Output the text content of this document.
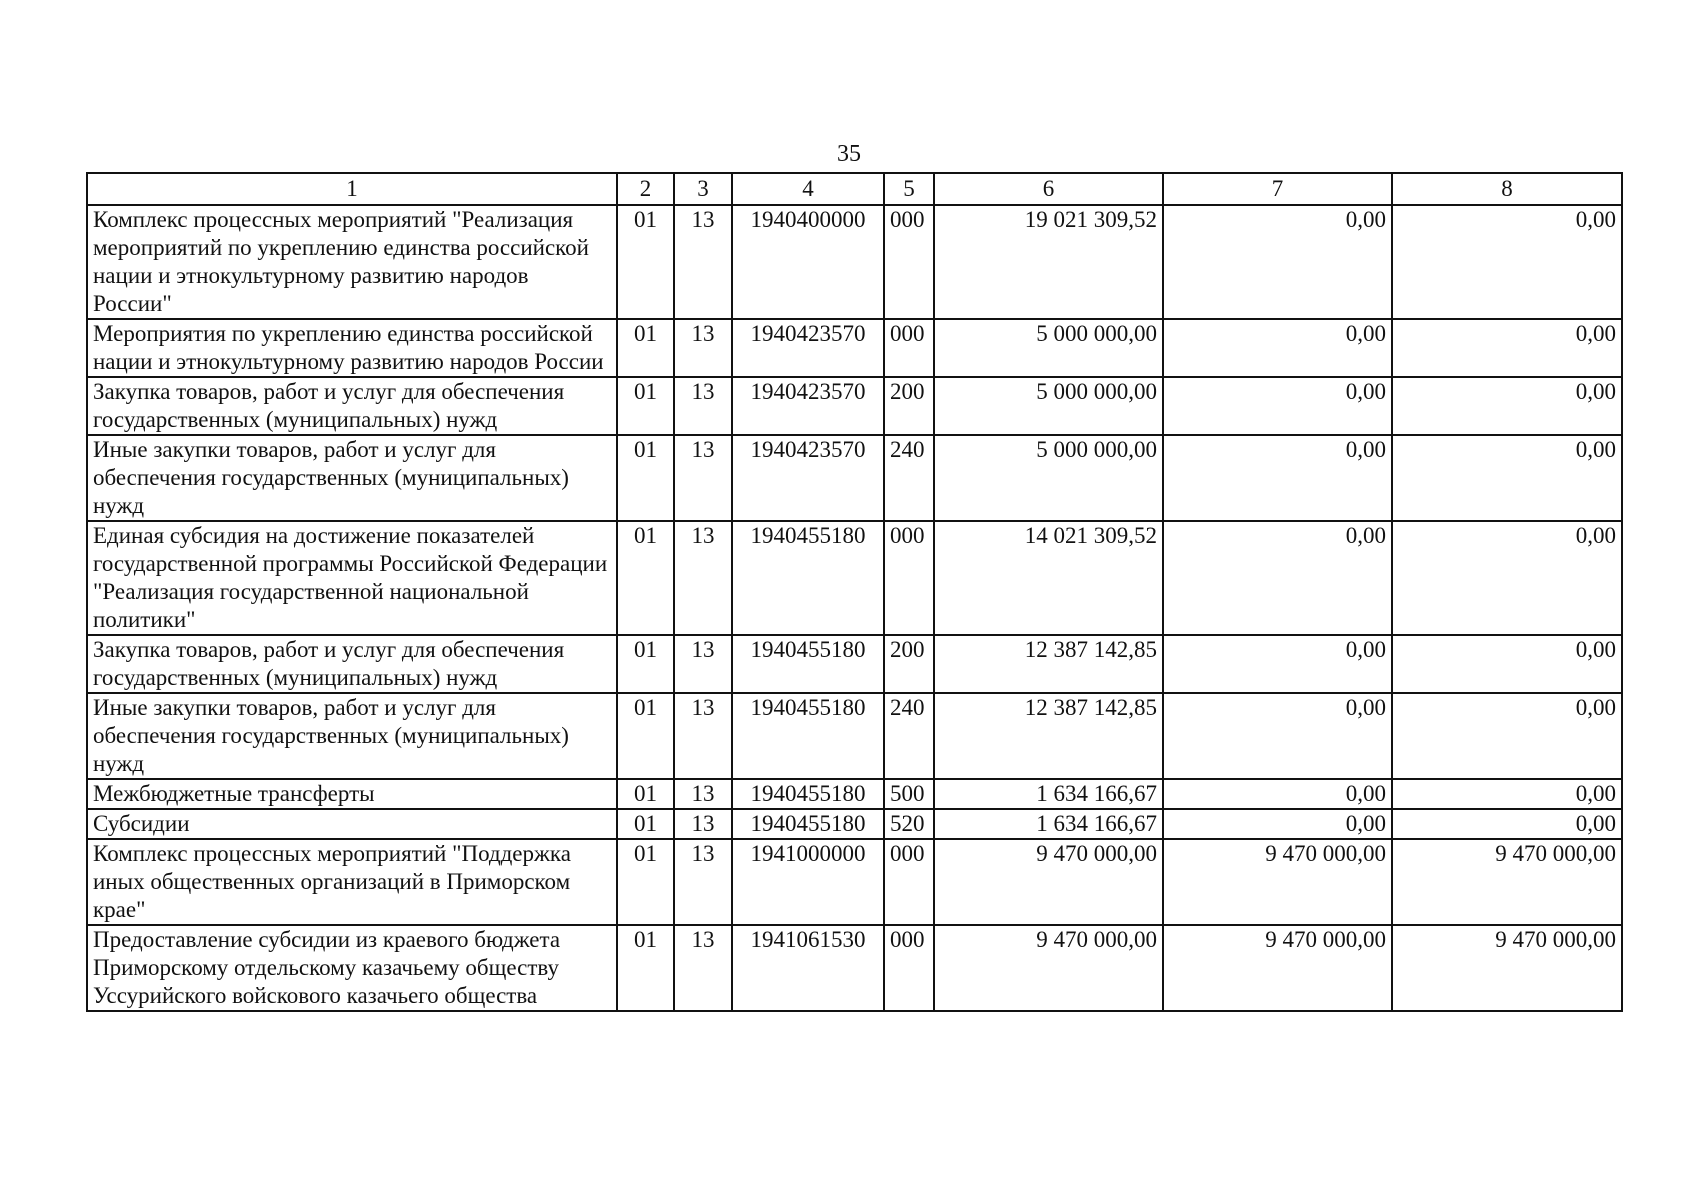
35
1	2	3	4	5	6	7	8
Комплекс процессных мероприятий "Реализация мероприятий по укреплению единства российской нации и этнокультурному развитию народов России"	01	13	1940400000	000	19 021 309,52	0,00	0,00
Мероприятия по укреплению единства российской нации и этнокультурному развитию народов России	01	13	1940423570	000	5 000 000,00	0,00	0,00
Закупка товаров, работ и услуг для обеспечения государственных (муниципальных) нужд	01	13	1940423570	200	5 000 000,00	0,00	0,00
Иные закупки товаров, работ и услуг для обеспечения государственных (муниципальных) нужд	01	13	1940423570	240	5 000 000,00	0,00	0,00
Единая субсидия на достижение показателей государственной программы Российской Федерации "Реализация государственной национальной политики"	01	13	1940455180	000	14 021 309,52	0,00	0,00
Закупка товаров, работ и услуг для обеспечения государственных (муниципальных) нужд	01	13	1940455180	200	12 387 142,85	0,00	0,00
Иные закупки товаров, работ и услуг для обеспечения государственных (муниципальных) нужд	01	13	1940455180	240	12 387 142,85	0,00	0,00
Межбюджетные трансферты	01	13	1940455180	500	1 634 166,67	0,00	0,00
Субсидии	01	13	1940455180	520	1 634 166,67	0,00	0,00
Комплекс процессных мероприятий "Поддержка иных общественных организаций в Приморском крае"	01	13	1941000000	000	9 470 000,00	9 470 000,00	9 470 000,00
Предоставление субсидии из краевого бюджета Приморскому отдельскому казачьему обществу Уссурийского войскового казачьего общества	01	13	1941061530	000	9 470 000,00	9 470 000,00	9 470 000,00
